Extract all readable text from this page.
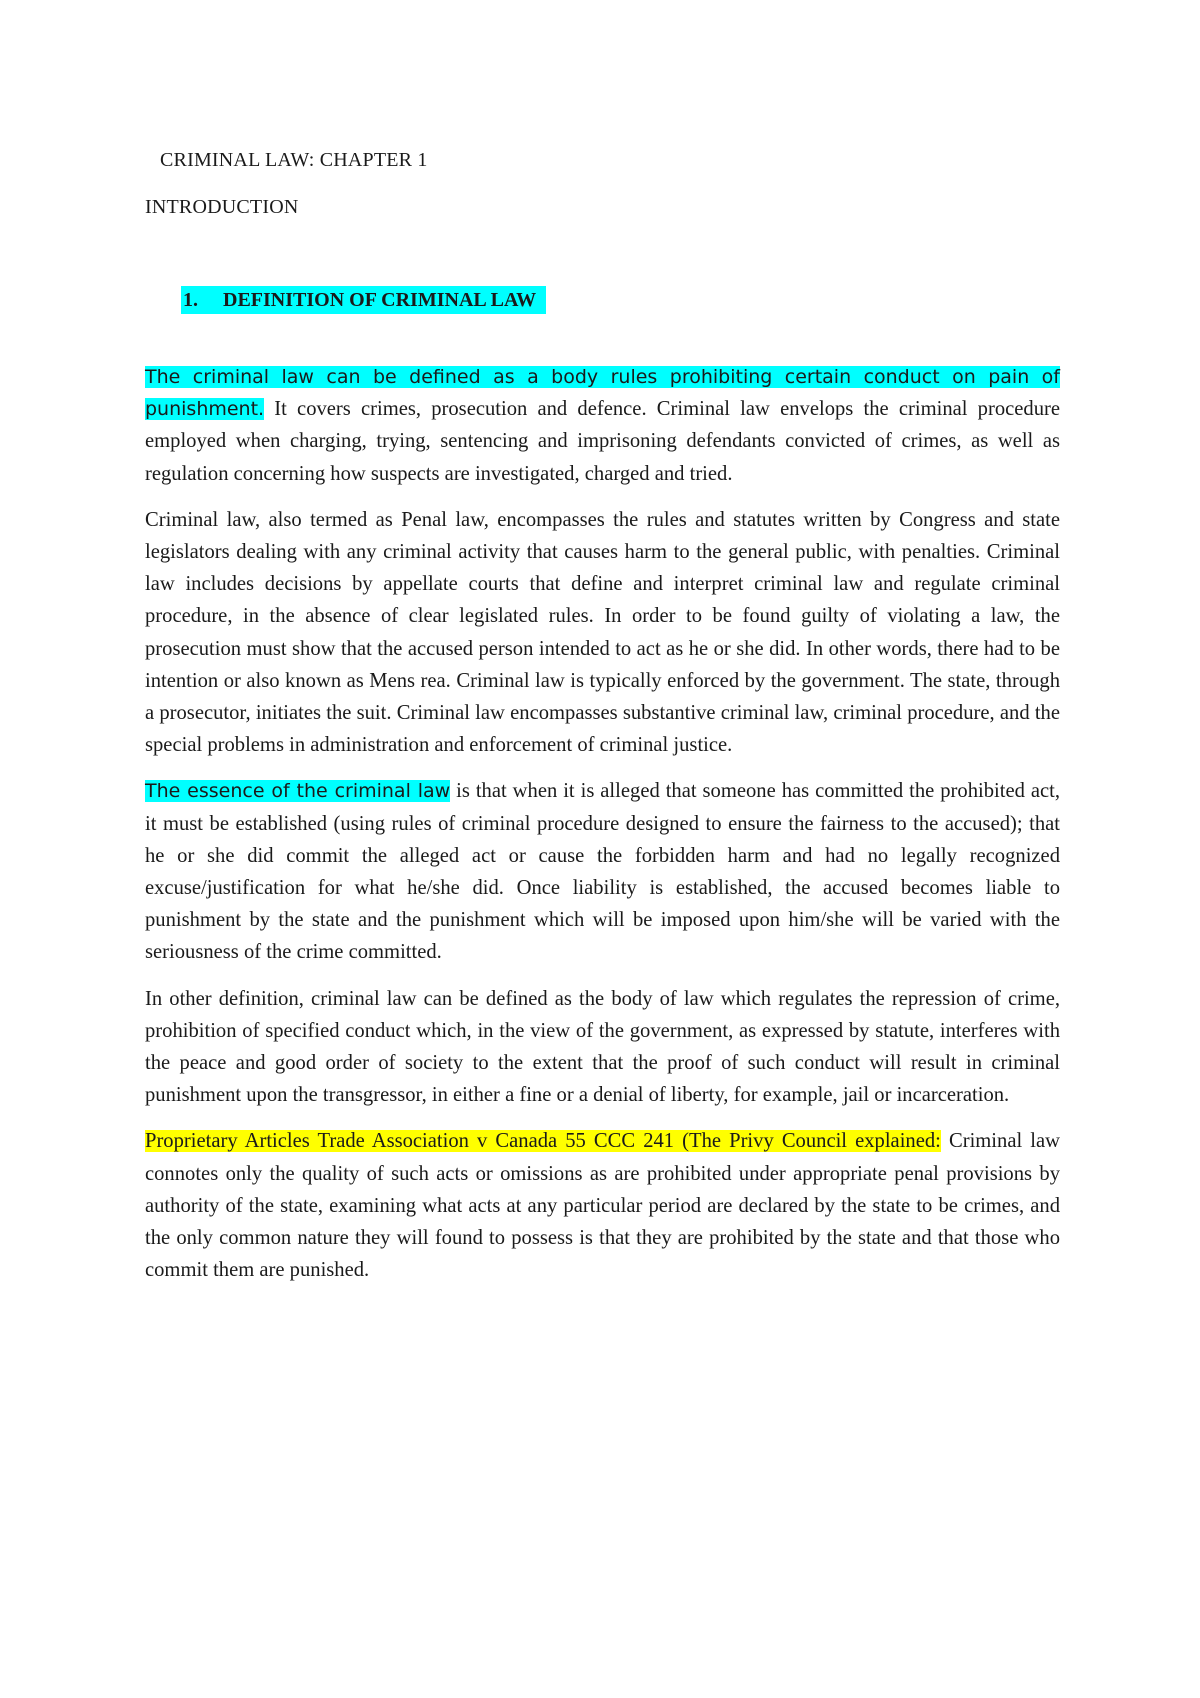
CRIMINAL LAW: CHAPTER 1
INTRODUCTION
1. DEFINITION OF CRIMINAL LAW

The criminal law can be defined as a body rules prohibiting certain conduct on pain of punishment. It covers crimes, prosecution and defence. Criminal law envelops the criminal procedure employed when charging, trying, sentencing and imprisoning defendants convicted of crimes, as well as regulation concerning how suspects are investigated, charged and tried.

Criminal law, also termed as Penal law, encompasses the rules and statutes written by Congress and state legislators dealing with any criminal activity that causes harm to the general public, with penalties. Criminal law includes decisions by appellate courts that define and interpret criminal law and regulate criminal procedure, in the absence of clear legislated rules. In order to be found guilty of violating a law, the prosecution must show that the accused person intended to act as he or she did. In other words, there had to be intention or also known as Mens rea. Criminal law is typically enforced by the government. The state, through a prosecutor, initiates the suit. Criminal law encompasses substantive criminal law, criminal procedure, and the special problems in administration and enforcement of criminal justice.

The essence of the criminal law is that when it is alleged that someone has committed the prohibited act, it must be established (using rules of criminal procedure designed to ensure the fairness to the accused); that he or she did commit the alleged act or cause the forbidden harm and had no legally recognized excuse/justification for what he/she did. Once liability is established, the accused becomes liable to punishment by the state and the punishment which will be imposed upon him/she will be varied with the seriousness of the crime committed.

In other definition, criminal law can be defined as the body of law which regulates the repression of crime, prohibition of specified conduct which, in the view of the government, as expressed by statute, interferes with the peace and good order of society to the extent that the proof of such conduct will result in criminal punishment upon the transgressor, in either a fine or a denial of liberty, for example, jail or incarceration.

Proprietary Articles Trade Association v Canada 55 CCC 241 (The Privy Council explained: Criminal law connotes only the quality of such acts or omissions as are prohibited under appropriate penal provisions by authority of the state, examining what acts at any particular period are declared by the state to be crimes, and the only common nature they will found to possess is that they are prohibited by the state and that those who commit them are punished.
